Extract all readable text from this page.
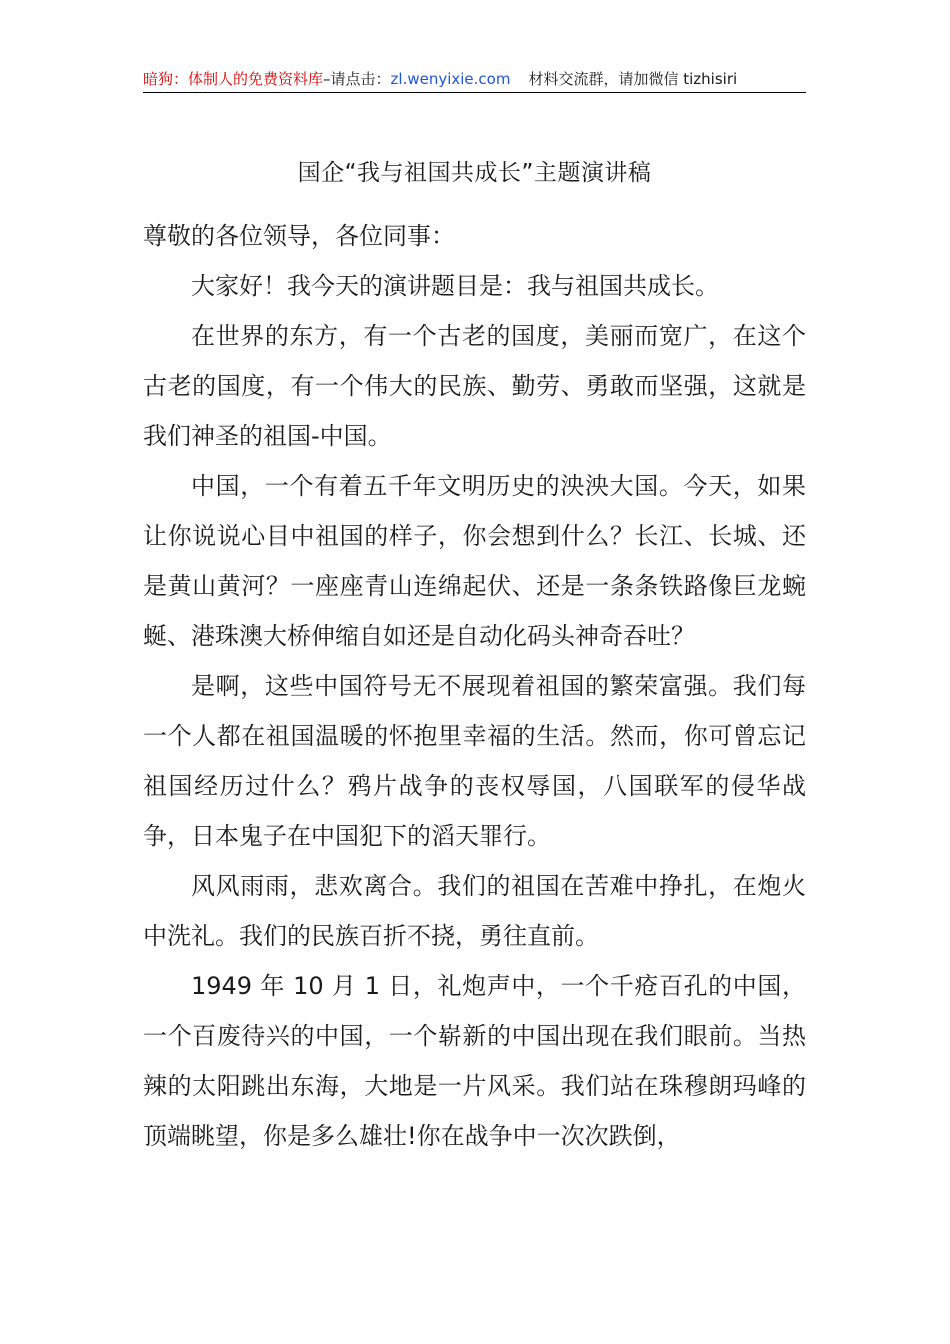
暗狗：体制人的免费资料库–请点击：zl.wenyixie.com 材料交流群，请加微信 tizhisiri
国企“我与祖国共成长”主题演讲稿

尊敬的各位领导，各位同事：

大家好！我今天的演讲题目是：我与祖国共成长。

在世界的东方，有一个古老的国度，美丽而宽广，在这个古老的国度，有一个伟大的民族、勤劳、勇敢而坚强，这就是我们神圣的祖国-中国。

中国，一个有着五千年文明历史的泱泱大国。今天，如果让你说说心目中祖国的样子，你会想到什么？长江、长城、还是黄山黄河？一座座青山连绵起伏、还是一条条铁路像巨龙蜿蜒、港珠澳大桥伸缩自如还是自动化码头神奇吞吐？

是啊，这些中国符号无不展现着祖国的繁荣富强。我们每一个人都在祖国温暖的怀抱里幸福的生活。然而，你可曾忘记祖国经历过什么？鸦片战争的丧权辱国，八国联军的侵华战争，日本鬼子在中国犯下的滔天罪行。

风风雨雨，悲欢离合。我们的祖国在苦难中挣扎，在炮火中洗礼。我们的民族百折不挠，勇往直前。

1949 年 10 月 1 日，礼炮声中，一个千疮百孔的中国，一个百废待兴的中国，一个崭新的中国出现在我们眼前。当热辣的太阳跳出东海，大地是一片风采。我们站在珠穆朗玛峰的顶端眺望，你是多么雄壮!你在战争中一次次跌倒，
